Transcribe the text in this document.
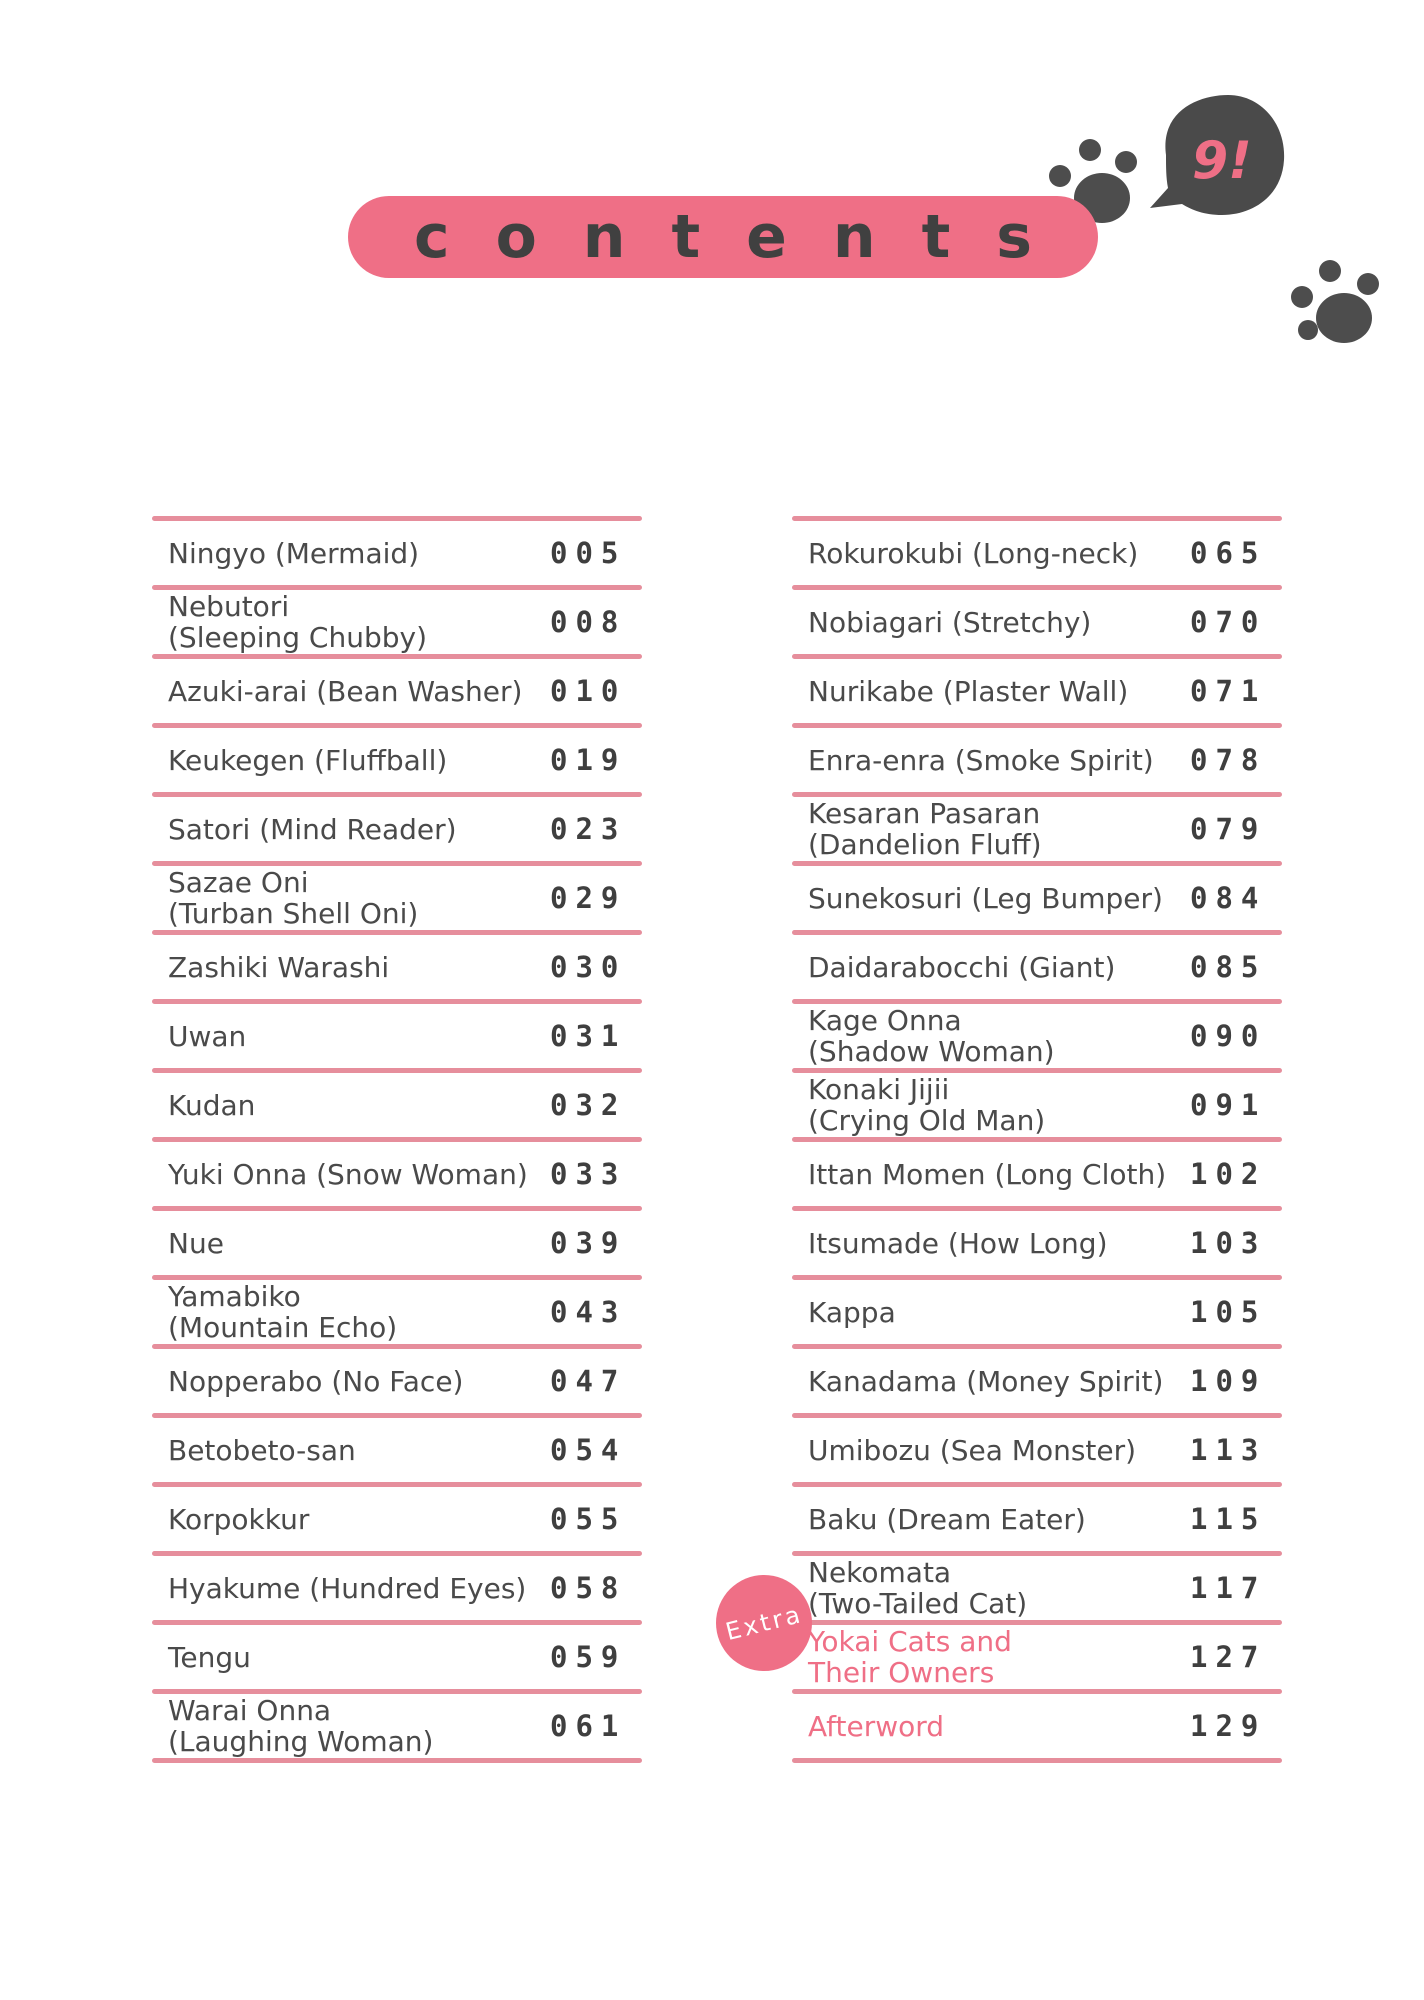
9!
contents
Ningyo (Mermaid)	005
Nebutori
(Sleeping Chubby)	008
Azuki-arai (Bean Washer) 010
Keukegen (Fluffball)	019
Satori (Mind Reader)	023
Sazae Oni
(Turban Shell Oni)	029
Zashiki Warashi	030
Uwan	031
Kudan	032
Yuki Onna (Snow Woman) 033
Nue	039
Yamabiko
(Mountain Echo)	043
Nopperabo (No Face)	047
Betobeto-san	054
Korpokkur	055
Hyakume (Hundred Eyes) 058
Tengu	059
Warai Onna
(Laughing Woman)	061
Rokurokubi (Long-neck)	065
Nobiagari (Stretchy)	070
Nurikabe (Plaster Wall)	071
Enra-enra (Smoke Spirit)	078
Kesaran Pasaran
(Dandelion Fluff)	079
Sunekosuri (Leg Bumper) 084
Daidarabocchi (Giant)	085
Kage Onna
(Shadow Woman)	090
Konaki Jijii
(Crying Old Man)	091
Ittan Momen (Long Cloth) 102
Itsumade (How Long)	103
Kappa	105
Kanadama (Money Spirit) 109
Umibozu (Sea Monster)	113
Baku (Dream Eater)	115
Nekomata
(Two-Tailed Cat)	117
Yokai Cats and
Their Owners	127
Afterword	129
Extra
